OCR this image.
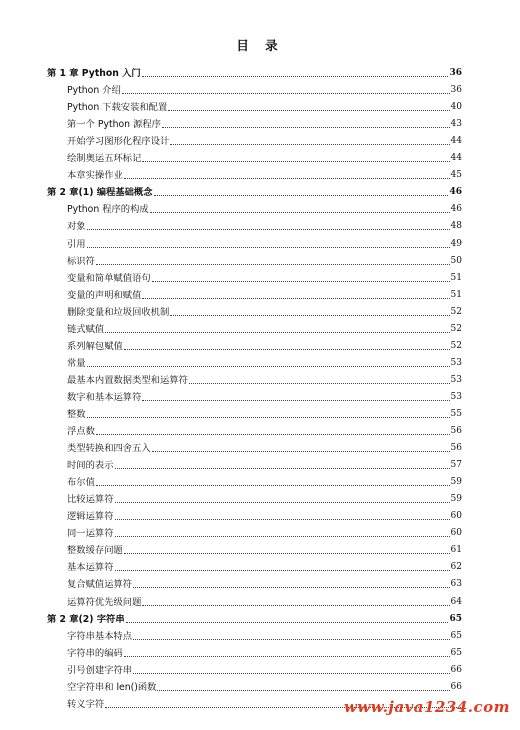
目 录
第 1 章 Python 入门	36
Python 介绍	36
Python 下载安装和配置	40
第一个 Python 源程序	43
开始学习图形化程序设计	44
绘制奥运五环标记	44
本章实操作业	45
第 2 章(1) 编程基础概念	46
Python 程序的构成	46
对象	48
引用	49
标识符	50
变量和简单赋值语句	51
变量的声明和赋值	51
删除变量和垃圾回收机制	52
链式赋值	52
系列解包赋值	52
常量	53
最基本内置数据类型和运算符	53
数字和基本运算符	53
整数	55
浮点数	56
类型转换和四舍五入	56
时间的表示	57
布尔值	59
比较运算符	59
逻辑运算符	60
同一运算符	60
整数缓存问题	61
基本运算符	62
复合赋值运算符	63
运算符优先级问题	64
第 2 章(2) 字符串	65
字符串基本特点	65
字符串的编码	65
引号创建字符串	66
空字符串和 len()函数	66
转义字符	www.java1234.com
